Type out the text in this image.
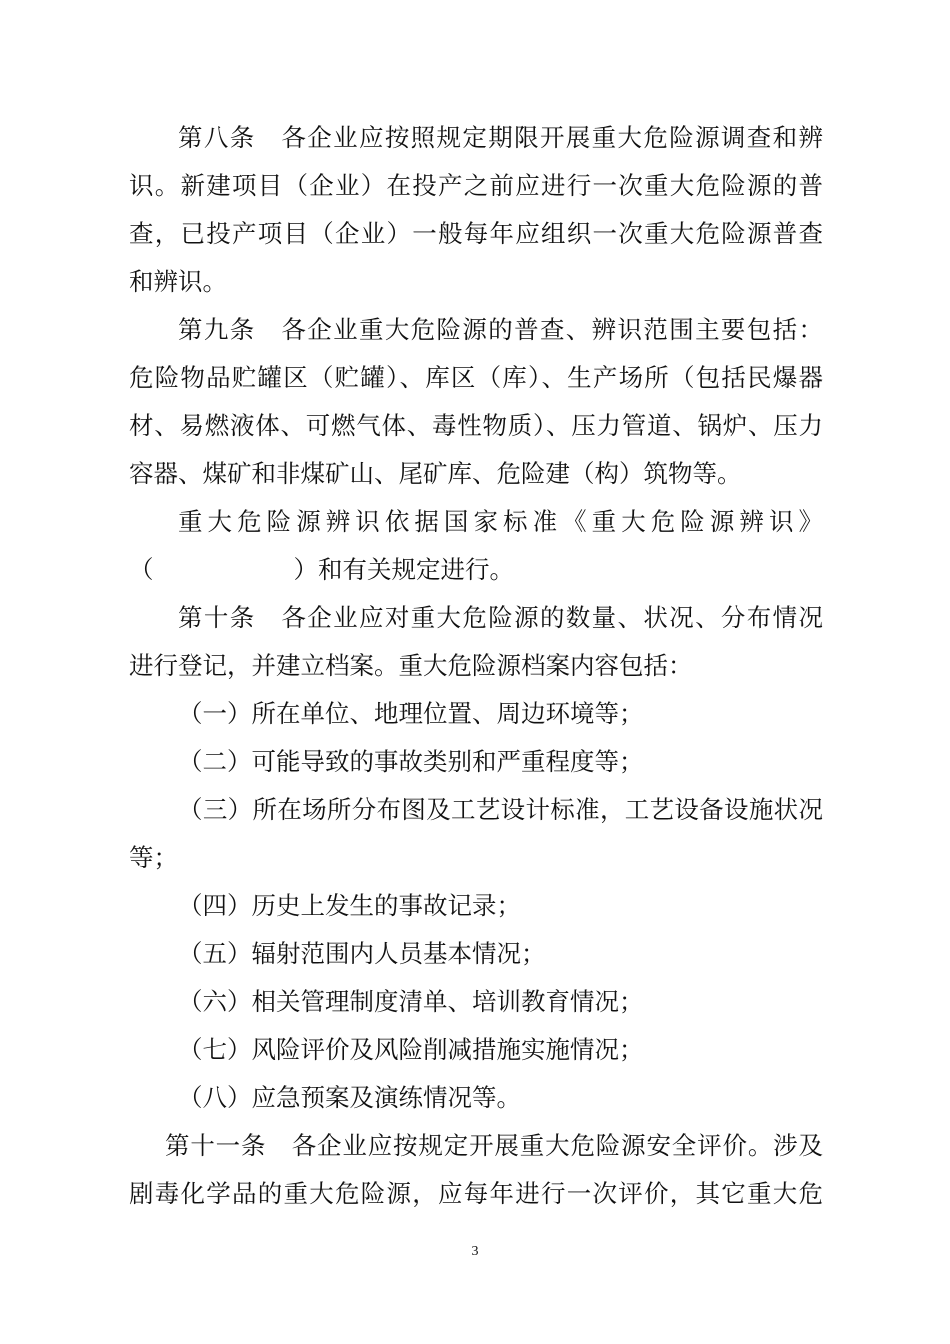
第八条　各企业应按照规定期限开展重大危险源调查和辨
识。新建项目（企业）在投产之前应进行一次重大危险源的普
查，已投产项目（企业）一般每年应组织一次重大危险源普查
和辨识。
第九条　各企业重大危险源的普查、辨识范围主要包括：
危险物品贮罐区（贮罐）、库区（库）、生产场所（包括民爆器
材、易燃液体、可燃气体、毒性物质）、压力管道、锅炉、压力
容器、煤矿和非煤矿山、尾矿库、危险建（构）筑物等。
重大危险源辨识依据国家标准《重大危险源辨识》
（	）和有关规定进行。
第十条　各企业应对重大危险源的数量、状况、分布情况
进行登记，并建立档案。重大危险源档案内容包括：
（一）所在单位、地理位置、周边环境等；
（二）可能导致的事故类别和严重程度等；
（三）所在场所分布图及工艺设计标准，工艺设备设施状况
等；
（四）历史上发生的事故记录；
（五）辐射范围内人员基本情况；
（六）相关管理制度清单、培训教育情况；
（七）风险评价及风险削减措施实施情况；
（八）应急预案及演练情况等。
第十一条　各企业应按规定开展重大危险源安全评价。涉及
剧毒化学品的重大危险源，应每年进行一次评价，其它重大危
3
